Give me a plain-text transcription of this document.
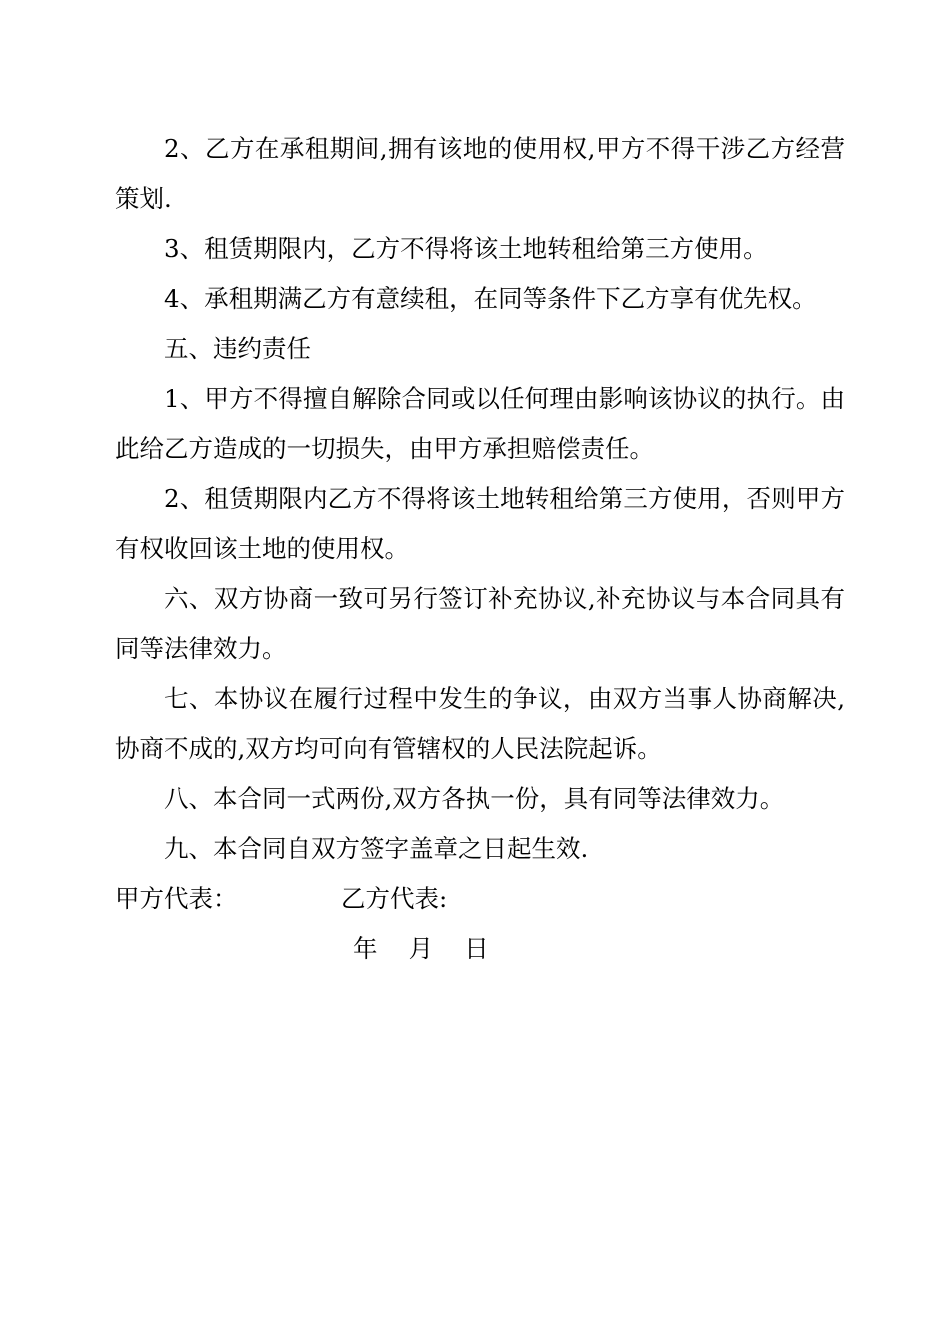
2、乙方在承租期间,拥有该地的使用权,甲方不得干涉乙方经营策划.

3、租赁期限内，乙方不得将该土地转租给第三方使用。

4、承租期满乙方有意续租，在同等条件下乙方享有优先权。

五、违约责任

1、甲方不得擅自解除合同或以任何理由影响该协议的执行。由此给乙方造成的一切损失，由甲方承担赔偿责任。

2、租赁期限内乙方不得将该土地转租给第三方使用，否则甲方有权收回该土地的使用权。

六、双方协商一致可另行签订补充协议,补充协议与本合同具有同等法律效力。

七、本协议在履行过程中发生的争议，由双方当事人协商解决,协商不成的,双方均可向有管辖权的人民法院起诉。

八、本合同一式两份,双方各执一份，具有同等法律效力。

九、本合同自双方签字盖章之日起生效.

甲方代表：	乙方代表:
年    月    日
